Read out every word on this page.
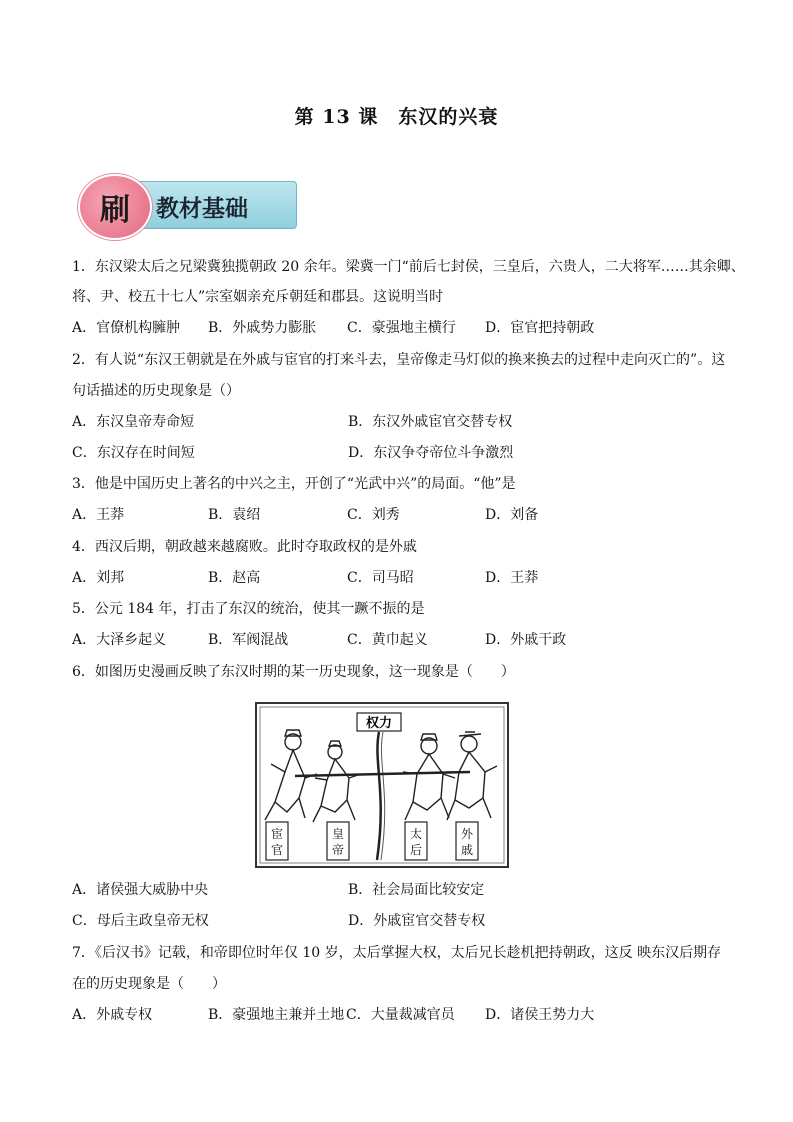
第 13 课　东汉的兴衰
教材基础
刷
1．东汉梁太后之兄梁冀独揽朝政 20 余年。梁冀一门“前后七封侯，三皇后，六贵人，二大将军……其余卿、
将、尹、校五十七人”宗室姻亲充斥朝廷和郡县。这说明当时
A．官僚机构臃肿 B．外戚势力膨胀 C．豪强地主横行 D．宦官把持朝政
2．有人说“东汉王朝就是在外戚与宦官的打来斗去，皇帝像走马灯似的换来换去的过程中走向灭亡的”。这
句话描述的历史现象是（）
A．东汉皇帝寿命短	B．东汉外戚宦官交替专权
C．东汉存在时间短	D．东汉争夺帝位斗争激烈
3．他是中国历史上著名的中兴之主，开创了“光武中兴”的局面。“他”是
A．王莽	B．袁绍	C．刘秀	D．刘备
4．西汉后期，朝政越来越腐败。此时夺取政权的是外戚
A．刘邦	B．赵高	C．司马昭	D．王莽
5．公元 184 年，打击了东汉的统治，使其一蹶不振的是
A．大泽乡起义	B．军阀混战	C．黄巾起义	D．外戚干政
6．如图历史漫画反映了东汉时期的某一历史现象，这一现象是（　　）
权力
宦
官
皇
帝
太
后
外
戚
A．诸侯强大威胁中央	B．社会局面比较安定
C．母后主政皇帝无权	D．外戚宦官交替专权
7．《后汉书》记载，和帝即位时年仅 10 岁，太后掌握大权，太后兄长趁机把持朝政，这反 映东汉后期存
在的历史现象是（　　）
A．外戚专权	B．豪强地主兼并土地 C．大量裁减官员 D．诸侯王势力大
